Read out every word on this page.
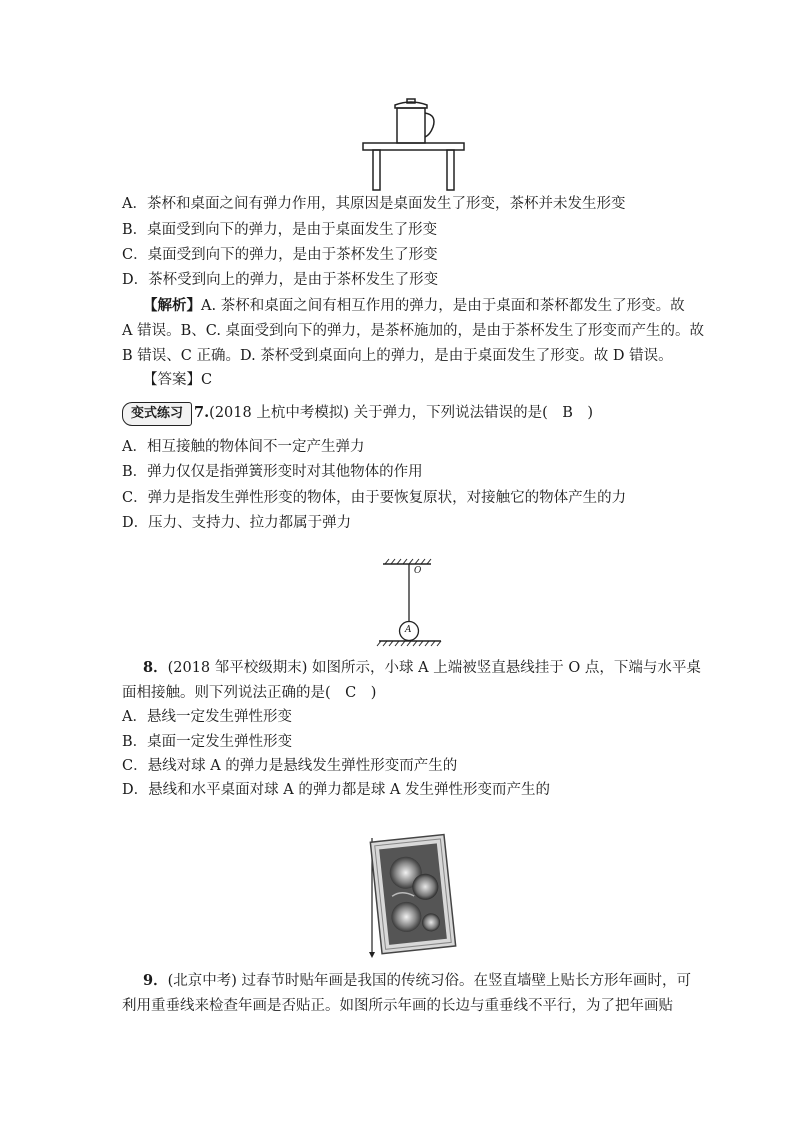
A．茶杯和桌面之间有弹力作用，其原因是桌面发生了形变，茶杯并未发生形变
B．桌面受到向下的弹力，是由于桌面发生了形变
C．桌面受到向下的弹力，是由于茶杯发生了形变
D．茶杯受到向上的弹力，是由于茶杯发生了形变
【解析】A. 茶杯和桌面之间有相互作用的弹力，是由于桌面和茶杯都发生了形变。故
A 错误。B、C. 桌面受到向下的弹力，是茶杯施加的，是由于茶杯发生了形变而产生的。故
B 错误、C 正确。D. 茶杯受到桌面向上的弹力，是由于桌面发生了形变。故 D 错误。
【答案】C
变式练习 7.(2018 上杭中考模拟) 关于弹力，下列说法错误的是(　B　)
A．相互接触的物体间不一定产生弹力
B．弹力仅仅是指弹簧形变时对其他物体的作用
C．弹力是指发生弹性形变的物体，由于要恢复原状，对接触它的物体产生的力
D．压力、支持力、拉力都属于弹力
O
A
8．(2018 邹平校级期末) 如图所示，小球 A 上端被竖直悬线挂于 O 点，下端与水平桌
面相接触。则下列说法正确的是(　C　)
A．悬线一定发生弹性形变
B．桌面一定发生弹性形变
C．悬线对球 A 的弹力是悬线发生弹性形变而产生的
D．悬线和水平桌面对球 A 的弹力都是球 A 发生弹性形变而产生的
9．(北京中考) 过春节时贴年画是我国的传统习俗。在竖直墙壁上贴长方形年画时，可
利用重垂线来检查年画是否贴正。如图所示年画的长边与重垂线不平行，为了把年画贴
